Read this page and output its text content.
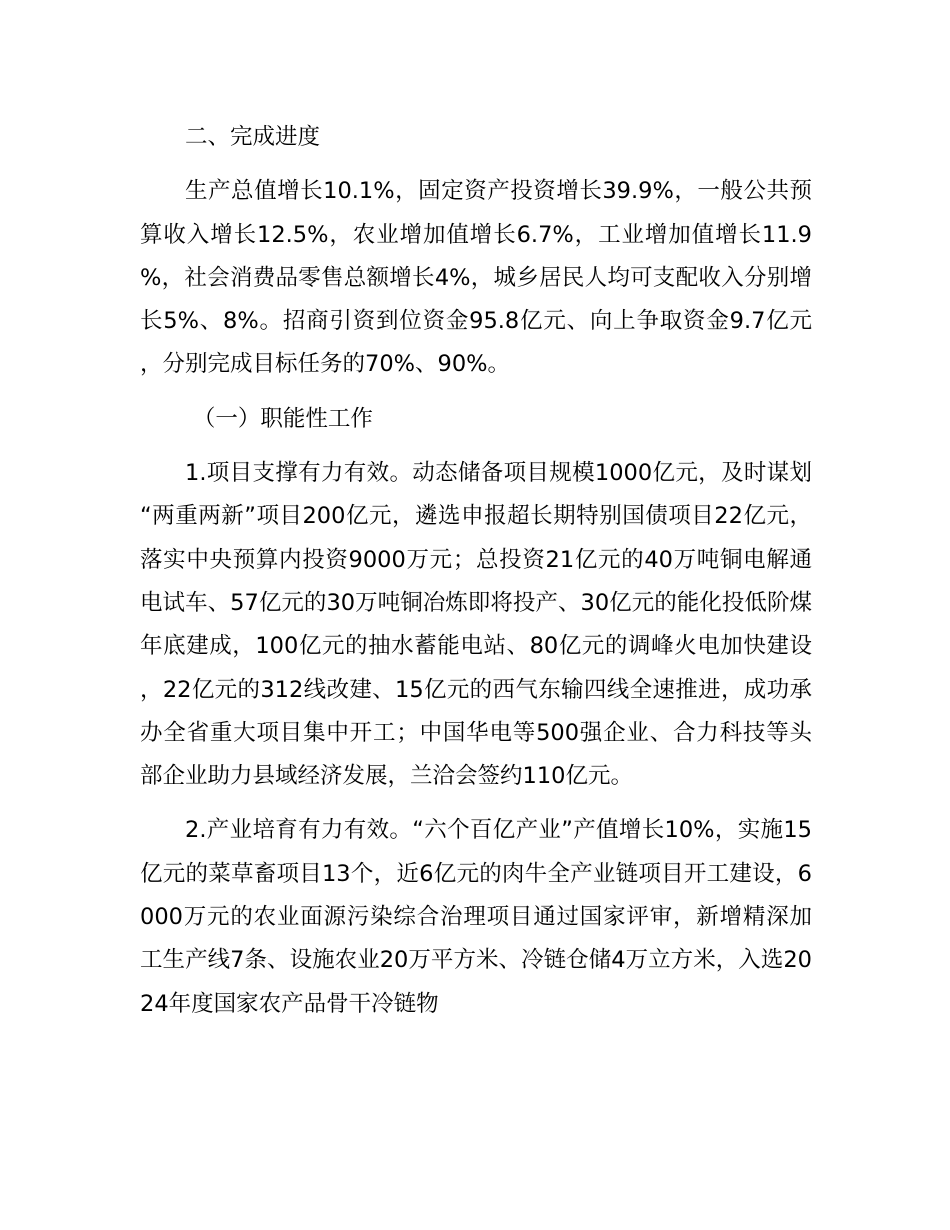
二、完成进度

生产总值增长10.1%，固定资产投资增长39.9%，一般公共预算收入增长12.5%，农业增加值增长6.7%，工业增加值增长11.9%，社会消费品零售总额增长4%，城乡居民人均可支配收入分别增长5%、8%。招商引资到位资金95.8亿元、向上争取资金9.7亿元，分别完成目标任务的70%、90%。

（一）职能性工作

1.项目支撑有力有效。动态储备项目规模1000亿元，及时谋划“两重两新”项目200亿元，遴选申报超长期特别国债项目22亿元，落实中央预算内投资9000万元；总投资21亿元的40万吨铜电解通电试车、57亿元的30万吨铜冶炼即将投产、30亿元的能化投低阶煤年底建成，100亿元的抽水蓄能电站、80亿元的调峰火电加快建设，22亿元的312线改建、15亿元的西气东输四线全速推进，成功承办全省重大项目集中开工；中国华电等500强企业、合力科技等头部企业助力县域经济发展，兰洽会签约110亿元。

2.产业培育有力有效。“六个百亿产业”产值增长10%，实施15亿元的菜草畜项目13个，近6亿元的肉牛全产业链项目开工建设，6000万元的农业面源污染综合治理项目通过国家评审，新增精深加工生产线7条、设施农业20万平方米、冷链仓储4万立方米，入选2024年度国家农产品骨干冷链物
